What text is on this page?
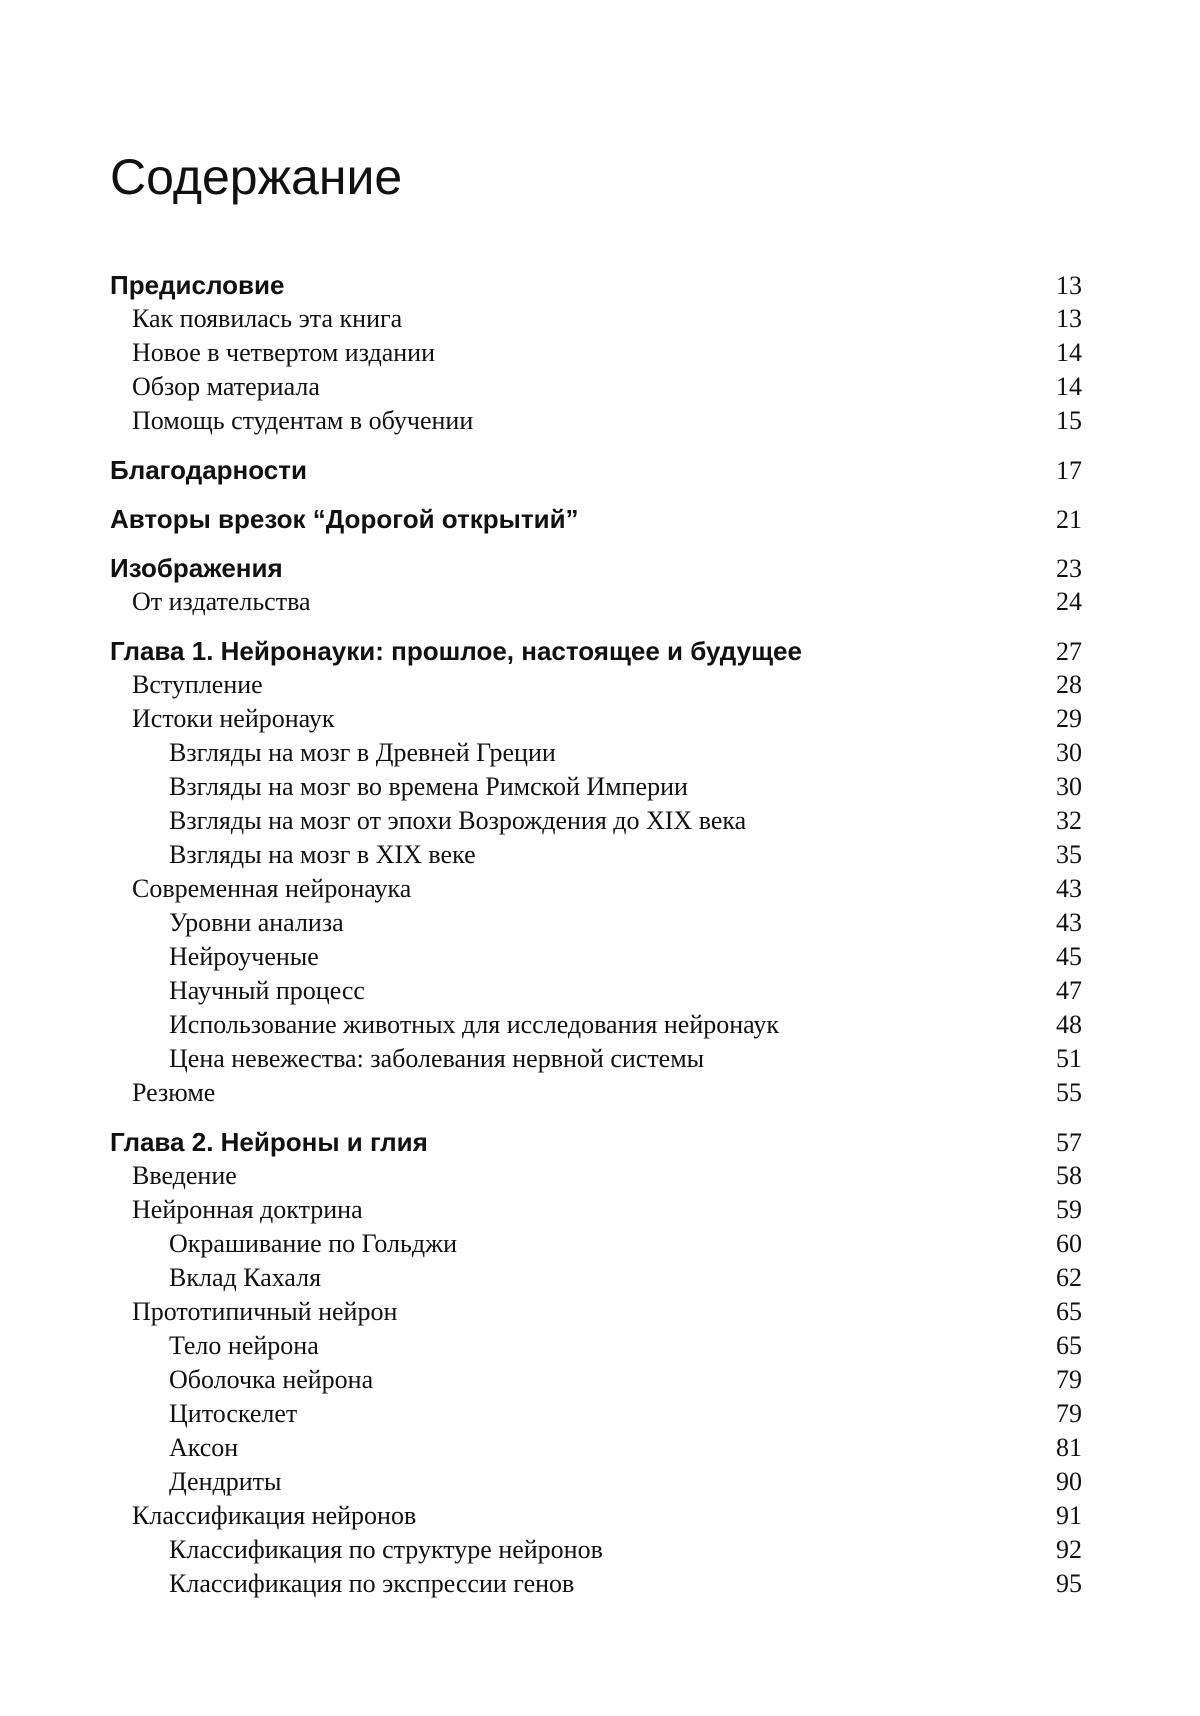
Содержание
Предисловие	13
Как появилась эта книга	13
Новое в четвертом издании	14
Обзор материала	14
Помощь студентам в обучении	15
Благодарности	17
Авторы врезок “Дорогой открытий”	21
Изображения	23
От издательства	24
Глава 1. Нейронауки: прошлое, настоящее и будущее	27
Вступление	28
Истоки нейронаук	29
Взгляды на мозг в Древней Греции	30
Взгляды на мозг во времена Римской Империи	30
Взгляды на мозг от эпохи Возрождения до XIX века	32
Взгляды на мозг в XIX веке	35
Современная нейронаука	43
Уровни анализа	43
Нейроученые	45
Научный процесс	47
Использование животных для исследования нейронаук	48
Цена невежества: заболевания нервной системы	51
Резюме	55
Глава 2. Нейроны и глия	57
Введение	58
Нейронная доктрина	59
Окрашивание по Гольджи	60
Вклад Кахаля	62
Прототипичный нейрон	65
Тело нейрона	65
Оболочка нейрона	79
Цитоскелет	79
Аксон	81
Дендриты	90
Классификация нейронов	91
Классификация по структуре нейронов	92
Классификация по экспрессии генов	95
